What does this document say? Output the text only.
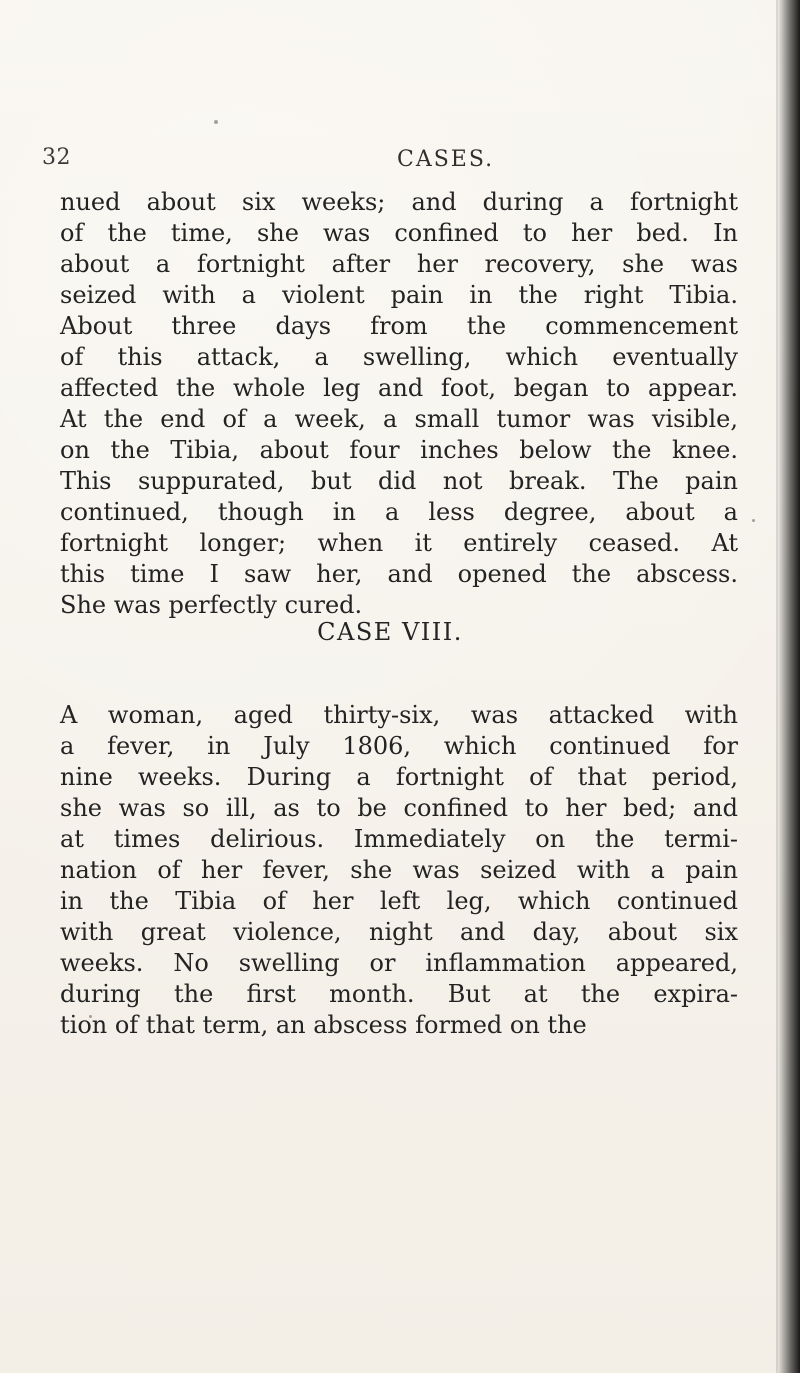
32	CASES.

nued about six weeks; and during a fortnight

of the time, she was confined to her bed. In

about a fortnight after her recovery, she was

seized with a violent pain in the right Tibia.

About three days from the commencement

of this attack, a swelling, which eventually

affected the whole leg and foot, began to appear.

At the end of a week, a small tumor was visible,

on the Tibia, about four inches below the knee.

This suppurated, but did not break. The pain

continued, though in a less degree, about a

fortnight longer; when it entirely ceased. At

this time I saw her, and opened the abscess.

She was perfectly cured.

CASE VIII.

A woman, aged thirty-six, was attacked with

a fever, in July 1806, which continued for

nine weeks. During a fortnight of that period,

she was so ill, as to be confined to her bed; and

at times delirious. Immediately on the termi-

nation of her fever, she was seized with a pain

in the Tibia of her left leg, which continued

with great violence, night and day, about six

weeks. No swelling or inflammation appeared,

during the first month. But at the expira-

tion of that term, an abscess formed on the
